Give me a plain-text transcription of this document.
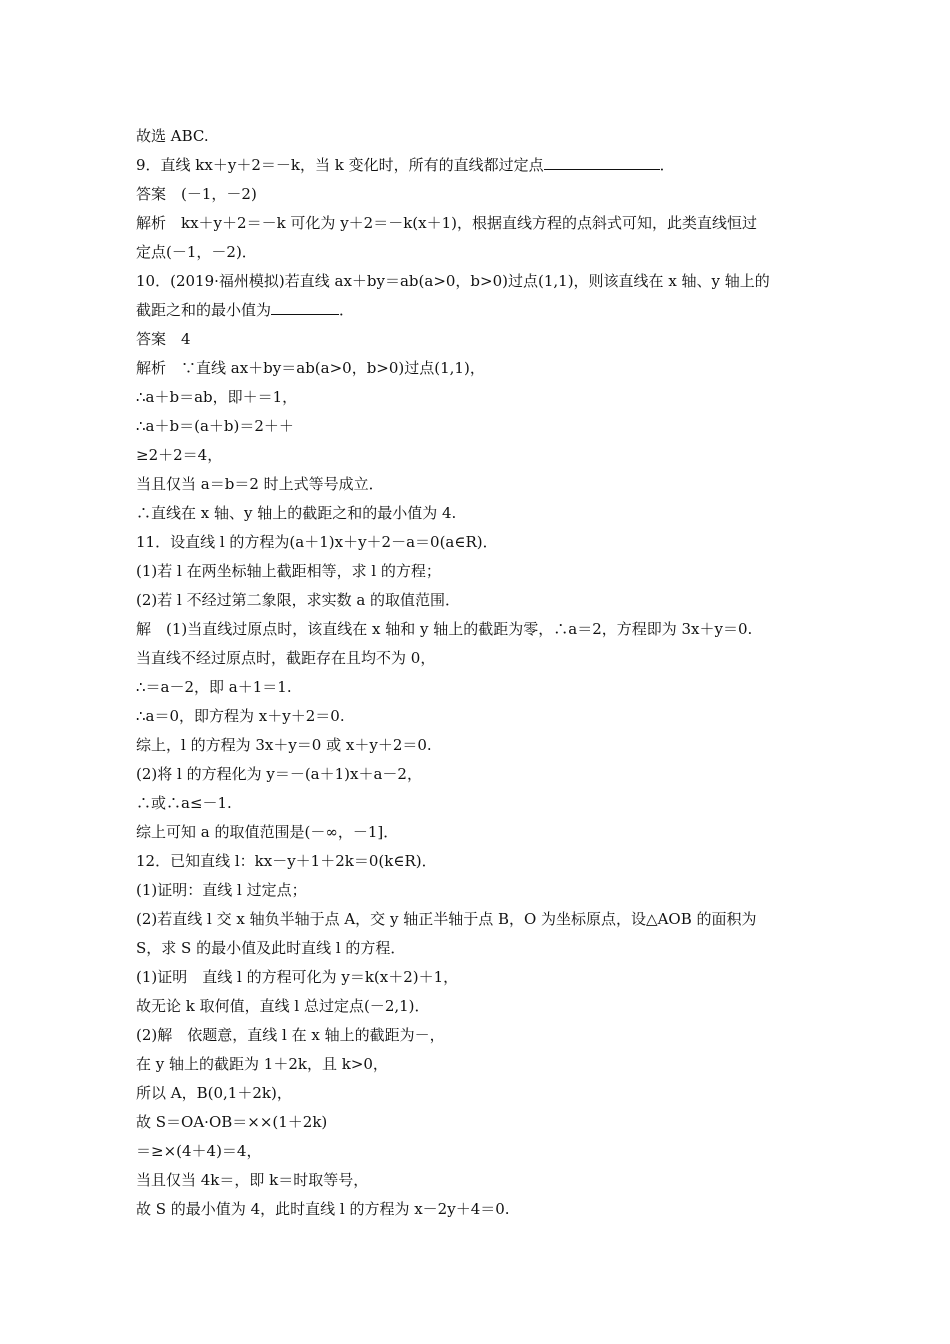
故选 ABC.
9．直线 kx＋y＋2＝－k，当 k 变化时，所有的直线都过定点	．
答案　(－1，－2)
解析　kx＋y＋2＝－k 可化为 y＋2＝－k(x＋1)，根据直线方程的点斜式可知，此类直线恒过
定点(－1，－2)．
10．(2019·福州模拟)若直线 ax＋by＝ab(a>0，b>0)过点(1,1)，则该直线在 x 轴、y 轴上的
截距之和的最小值为	．
答案　4
解析　∵直线 ax＋by＝ab(a>0，b>0)过点(1,1)，
∴a＋b＝ab，即＋＝1，
∴a＋b＝(a＋b)＝2＋＋
≥2＋2＝4，
当且仅当 a＝b＝2 时上式等号成立．
∴直线在 x 轴、y 轴上的截距之和的最小值为 4.
11．设直线 l 的方程为(a＋1)x＋y＋2－a＝0(a∈R)．
(1)若 l 在两坐标轴上截距相等，求 l 的方程；
(2)若 l 不经过第二象限，求实数 a 的取值范围．
解　(1)当直线过原点时，该直线在 x 轴和 y 轴上的截距为零，∴a＝2，方程即为 3x＋y＝0.
当直线不经过原点时，截距存在且均不为 0，
∴＝a－2，即 a＋1＝1.
∴a＝0，即方程为 x＋y＋2＝0.
综上，l 的方程为 3x＋y＝0 或 x＋y＋2＝0.
(2)将 l 的方程化为 y＝－(a＋1)x＋a－2，
∴或∴a≤－1.
综上可知 a 的取值范围是(－∞，－1]．
12．已知直线 l：kx－y＋1＋2k＝0(k∈R)．
(1)证明：直线 l 过定点；
(2)若直线 l 交 x 轴负半轴于点 A，交 y 轴正半轴于点 B，O 为坐标原点，设△AOB 的面积为
S，求 S 的最小值及此时直线 l 的方程．
(1)证明　直线 l 的方程可化为 y＝k(x＋2)＋1，
故无论 k 取何值，直线 l 总过定点(－2,1)．
(2)解　依题意，直线 l 在 x 轴上的截距为－，
在 y 轴上的截距为 1＋2k，且 k>0，
所以 A，B(0,1＋2k)，
故 S＝OA·OB＝××(1＋2k)
＝≥×(4＋4)＝4，
当且仅当 4k＝，即 k＝时取等号，
故 S 的最小值为 4，此时直线 l 的方程为 x－2y＋4＝0.
